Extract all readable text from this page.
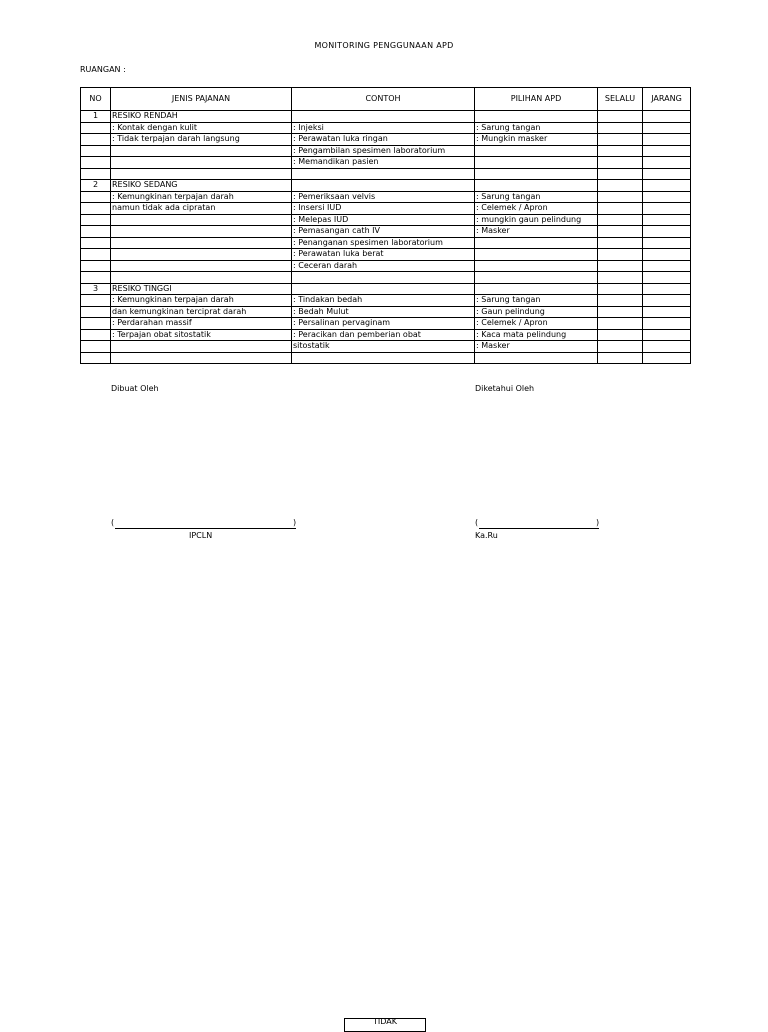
MONITORING PENGGUNAAN APD
RUANGAN :
NO	JENIS PAJANAN	CONTOH	PILIHAN APD	SELALU	JARANG
1	RESIKO RENDAH				
	: Kontak dengan kulit	: Injeksi	: Sarung tangan		
	: Tidak terpajan darah langsung	: Perawatan luka ringan	: Mungkin masker		
		: Pengambilan spesimen laboratorium			
		: Memandikan pasien			

2	RESIKO SEDANG				
	: Kemungkinan terpajan darah	: Pemeriksaan velvis	: Sarung tangan		
	namun tidak ada cipratan	: Insersi IUD	: Celemek / Apron		
		: Melepas IUD	: mungkin gaun pelindung		
		: Pemasangan cath IV	: Masker		
		: Penanganan spesimen laboratorium			
		: Perawatan luka berat			
		: Ceceran darah			

3	RESIKO TINGGI				
	: Kemungkinan terpajan darah	: Tindakan bedah	: Sarung tangan		
	dan kemungkinan terciprat darah	: Bedah Mulut	: Gaun pelindung		
	: Perdarahan massif	: Persalinan pervaginam	: Celemek / Apron		
	: Terpajan obat sitostatik	: Peracikan dan pemberian obat	: Kaca mata pelindung		
		sitostatik	: Masker		

Dibuat Oleh	Diketahui Oleh
(	)
IPCLN
(	)
Ka.Ru
TIDAK
